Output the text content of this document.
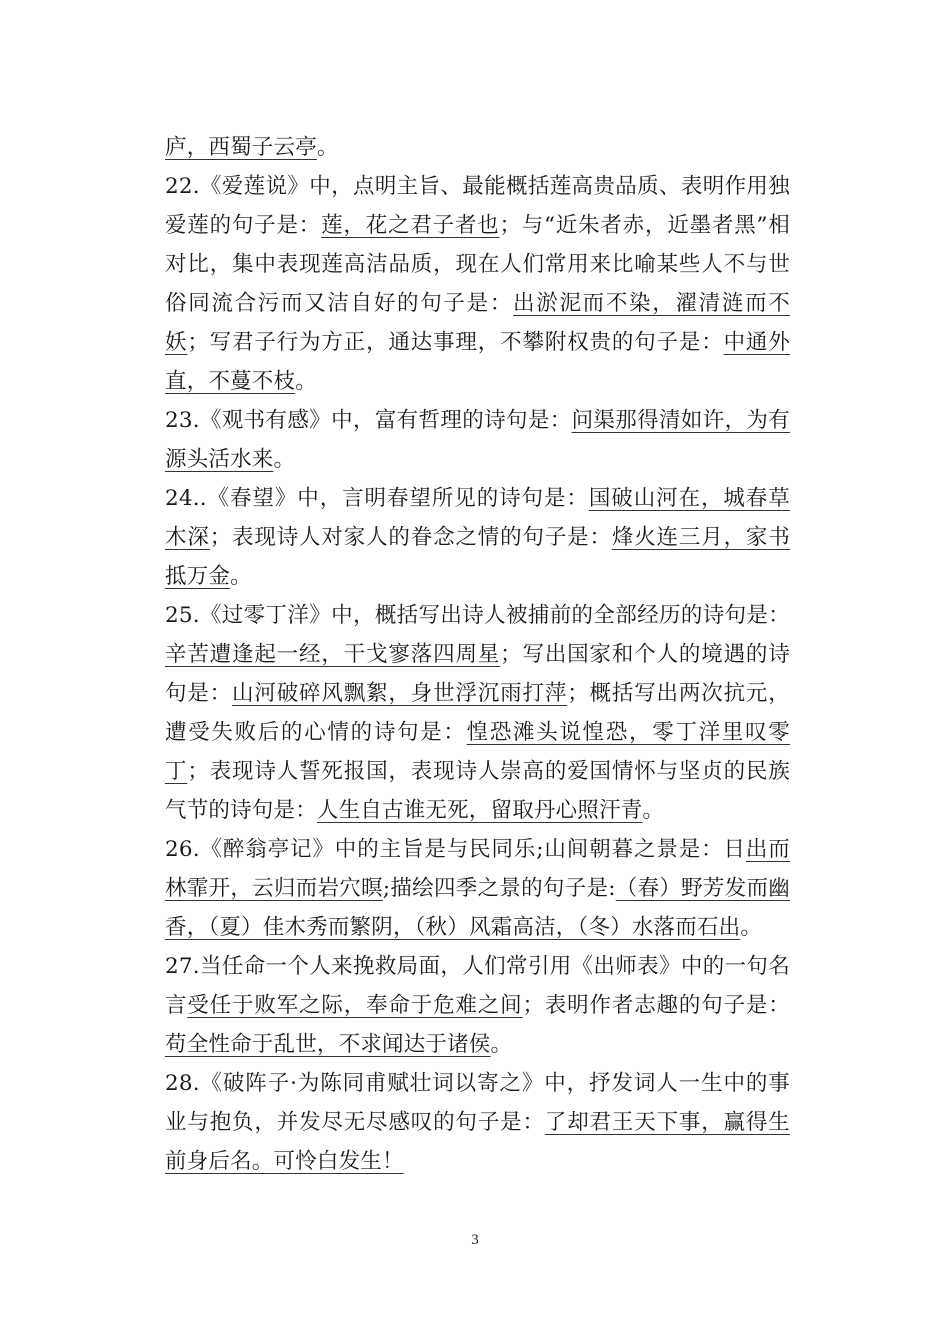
庐，西蜀子云亭。

22.《爱莲说》中，点明主旨、最能概括莲高贵品质、表明作用独爱莲的句子是：莲，花之君子者也；与“近朱者赤，近墨者黑”相对比，集中表现莲高洁品质，现在人们常用来比喻某些人不与世俗同流合污而又洁自好的句子是：出淤泥而不染，濯清涟而不妖；写君子行为方正，通达事理，不攀附权贵的句子是：中通外直，不蔓不枝。

23.《观书有感》中，富有哲理的诗句是：问渠那得清如许，为有源头活水来。

24..《春望》中，言明春望所见的诗句是：国破山河在，城春草木深；表现诗人对家人的眷念之情的句子是：烽火连三月，家书抵万金。

25.《过零丁洋》中，概括写出诗人被捕前的全部经历的诗句是：辛苦遭逢起一经，干戈寥落四周星；写出国家和个人的境遇的诗句是：山河破碎风飘絮，身世浮沉雨打萍；概括写出两次抗元，遭受失败后的心情的诗句是：惶恐滩头说惶恐，零丁洋里叹零丁；表现诗人誓死报国，表现诗人崇高的爱国情怀与坚贞的民族气节的诗句是：人生自古谁无死，留取丹心照汗青。

26.《醉翁亭记》中的主旨是与民同乐;山间朝暮之景是：日出而林霏开，云归而岩穴暝;描绘四季之景的句子是:（春）野芳发而幽香，（夏）佳木秀而繁阴，（秋）风霜高洁，（冬）水落而石出。

27.当任命一个人来挽救局面，人们常引用《出师表》中的一句名言受任于败军之际，奉命于危难之间；表明作者志趣的句子是：苟全性命于乱世，不求闻达于诸侯。

28.《破阵子·为陈同甫赋壮词以寄之》中，抒发词人一生中的事业与抱负，并发尽无尽感叹的句子是：了却君王天下事，赢得生前身后名。可怜白发生！

3
